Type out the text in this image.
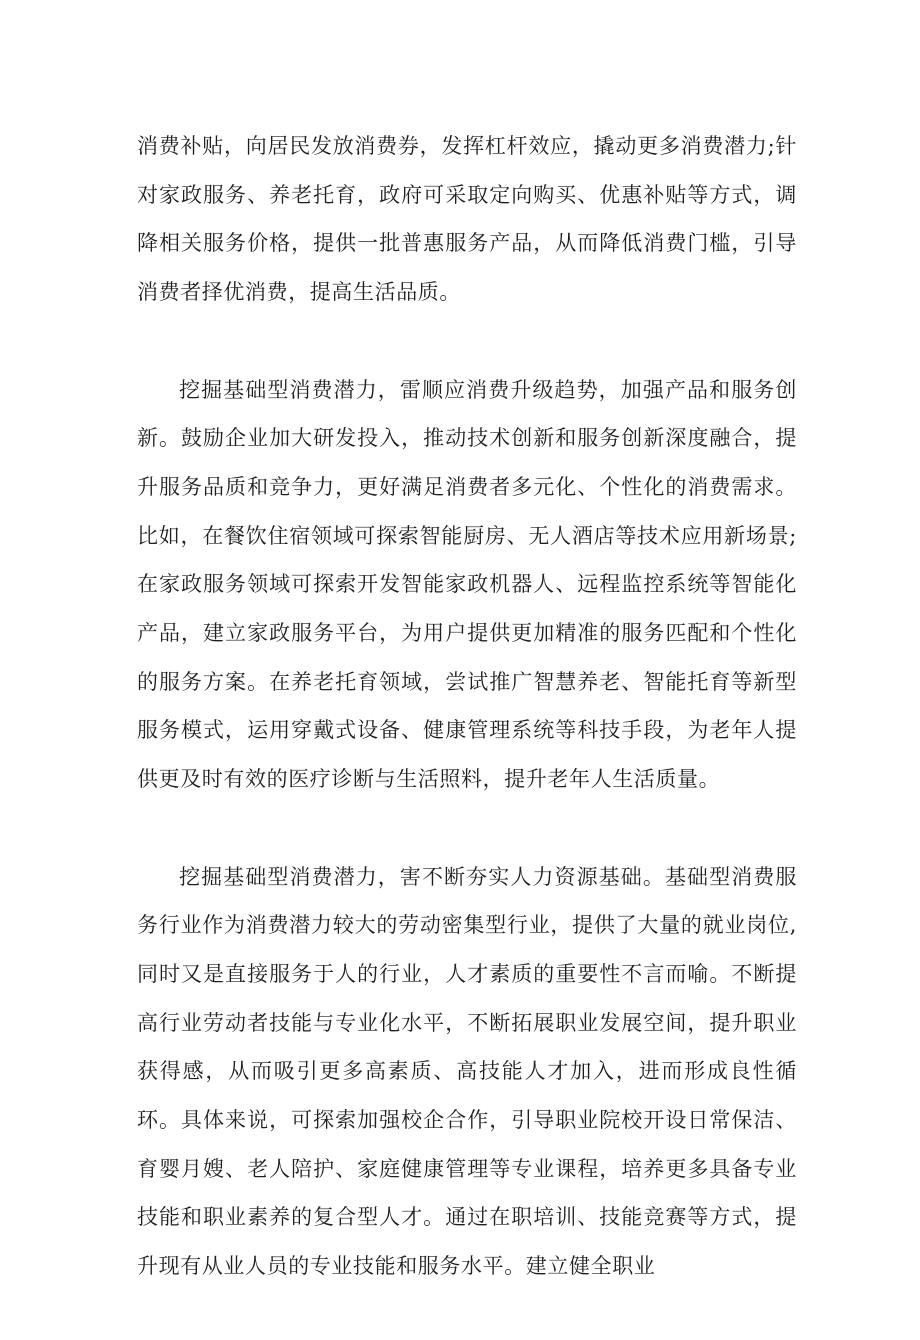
消费补贴，向居民发放消费券，发挥杠杆效应，撬动更多消费潜力;针对家政服务、养老托育，政府可采取定向购买、优惠补贴等方式，调降相关服务价格，提供一批普惠服务产品，从而降低消费门槛，引导消费者择优消费，提高生活品质。

挖掘基础型消费潜力，雷顺应消费升级趋势，加强产品和服务创新。鼓励企业加大研发投入，推动技术创新和服务创新深度融合，提升服务品质和竞争力，更好满足消费者多元化、个性化的消费需求。比如，在餐饮住宿领域可探索智能厨房、无人酒店等技术应用新场景;在家政服务领域可探索开发智能家政机器人、远程监控系统等智能化产品，建立家政服务平台，为用户提供更加精准的服务匹配和个性化的服务方案。在养老托育领域，尝试推广智慧养老、智能托育等新型服务模式，运用穿戴式设备、健康管理系统等科技手段，为老年人提供更及时有效的医疗诊断与生活照料，提升老年人生活质量。

挖掘基础型消费潜力，害不断夯实人力资源基础。基础型消费服务行业作为消费潜力较大的劳动密集型行业，提供了大量的就业岗位,同时又是直接服务于人的行业，人才素质的重要性不言而喻。不断提高行业劳动者技能与专业化水平，不断拓展职业发展空间，提升职业获得感，从而吸引更多高素质、高技能人才加入，进而形成良性循环。具体来说，可探索加强校企合作，引导职业院校开设日常保洁、育婴月嫂、老人陪护、家庭健康管理等专业课程，培养更多具备专业技能和职业素养的复合型人才。通过在职培训、技能竞赛等方式，提升现有从业人员的专业技能和服务水平。建立健全职业
